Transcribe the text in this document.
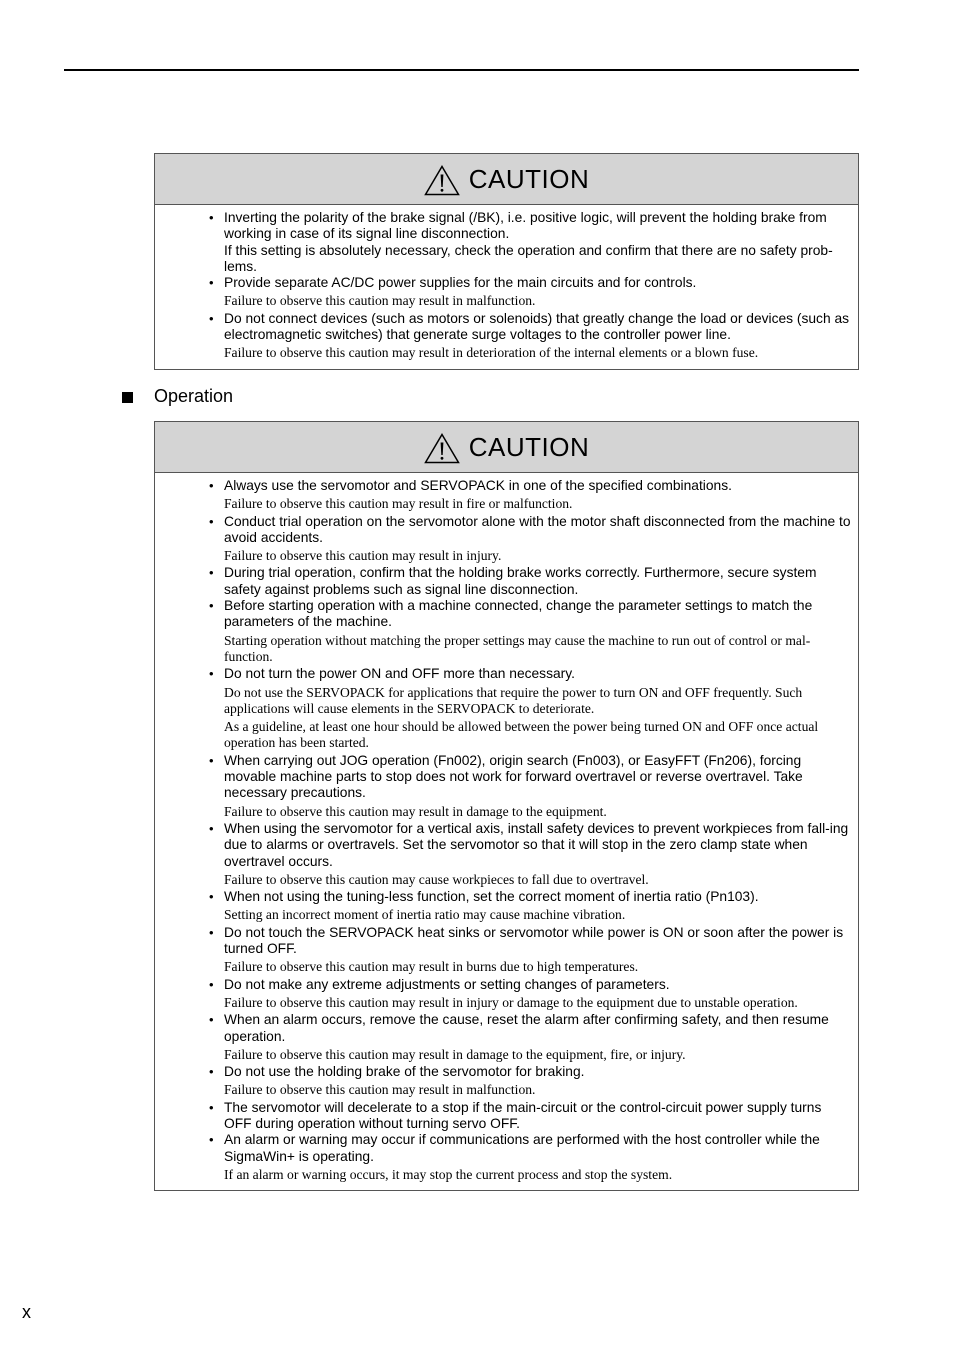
CAUTION
• Inverting the polarity of the brake signal (/BK), i.e. positive logic, will prevent the holding brake from working in case of its signal line disconnection.
If this setting is absolutely necessary, check the operation and confirm that there are no safety prob-lems.
• Provide separate AC/DC power supplies for the main circuits and for controls.
Failure to observe this caution may result in malfunction.
• Do not connect devices (such as motors or solenoids) that greatly change the load or devices (such as electromagnetic switches) that generate surge voltages to the controller power line.
Failure to observe this caution may result in deterioration of the internal elements or a blown fuse.
Operation
CAUTION
• Always use the servomotor and SERVOPACK in one of the specified combinations.
Failure to observe this caution may result in fire or malfunction.
• Conduct trial operation on the servomotor alone with the motor shaft disconnected from the machine to avoid accidents.
Failure to observe this caution may result in injury.
• During trial operation, confirm that the holding brake works correctly. Furthermore, secure system safety against problems such as signal line disconnection.
• Before starting operation with a machine connected, change the parameter settings to match the parameters of the machine.
Starting operation without matching the proper settings may cause the machine to run out of control or mal-function.
• Do not turn the power ON and OFF more than necessary.
Do not use the SERVOPACK for applications that require the power to turn ON and OFF frequently. Such applications will cause elements in the SERVOPACK to deteriorate.
As a guideline, at least one hour should be allowed between the power being turned ON and OFF once actual operation has been started.
• When carrying out JOG operation (Fn002), origin search (Fn003), or EasyFFT (Fn206), forcing movable machine parts to stop does not work for forward overtravel or reverse overtravel. Take necessary precautions.
Failure to observe this caution may result in damage to the equipment.
• When using the servomotor for a vertical axis, install safety devices to prevent workpieces from fall-ing due to alarms or overtravels. Set the servomotor so that it will stop in the zero clamp state when overtravel occurs.
Failure to observe this caution may cause workpieces to fall due to overtravel.
• When not using the tuning-less function, set the correct moment of inertia ratio (Pn103).
Setting an incorrect moment of inertia ratio may cause machine vibration.
• Do not touch the SERVOPACK heat sinks or servomotor while power is ON or soon after the power is turned OFF.
Failure to observe this caution may result in burns due to high temperatures.
• Do not make any extreme adjustments or setting changes of parameters.
Failure to observe this caution may result in injury or damage to the equipment due to unstable operation.
• When an alarm occurs, remove the cause, reset the alarm after confirming safety, and then resume operation.
Failure to observe this caution may result in damage to the equipment, fire, or injury.
• Do not use the holding brake of the servomotor for braking.
Failure to observe this caution may result in malfunction.
• The servomotor will decelerate to a stop if the main-circuit or the control-circuit power supply turns OFF during operation without turning servo OFF.
• An alarm or warning may occur if communications are performed with the host controller while the SigmaWin+ is operating.
If an alarm or warning occurs, it may stop the current process and stop the system.
x
